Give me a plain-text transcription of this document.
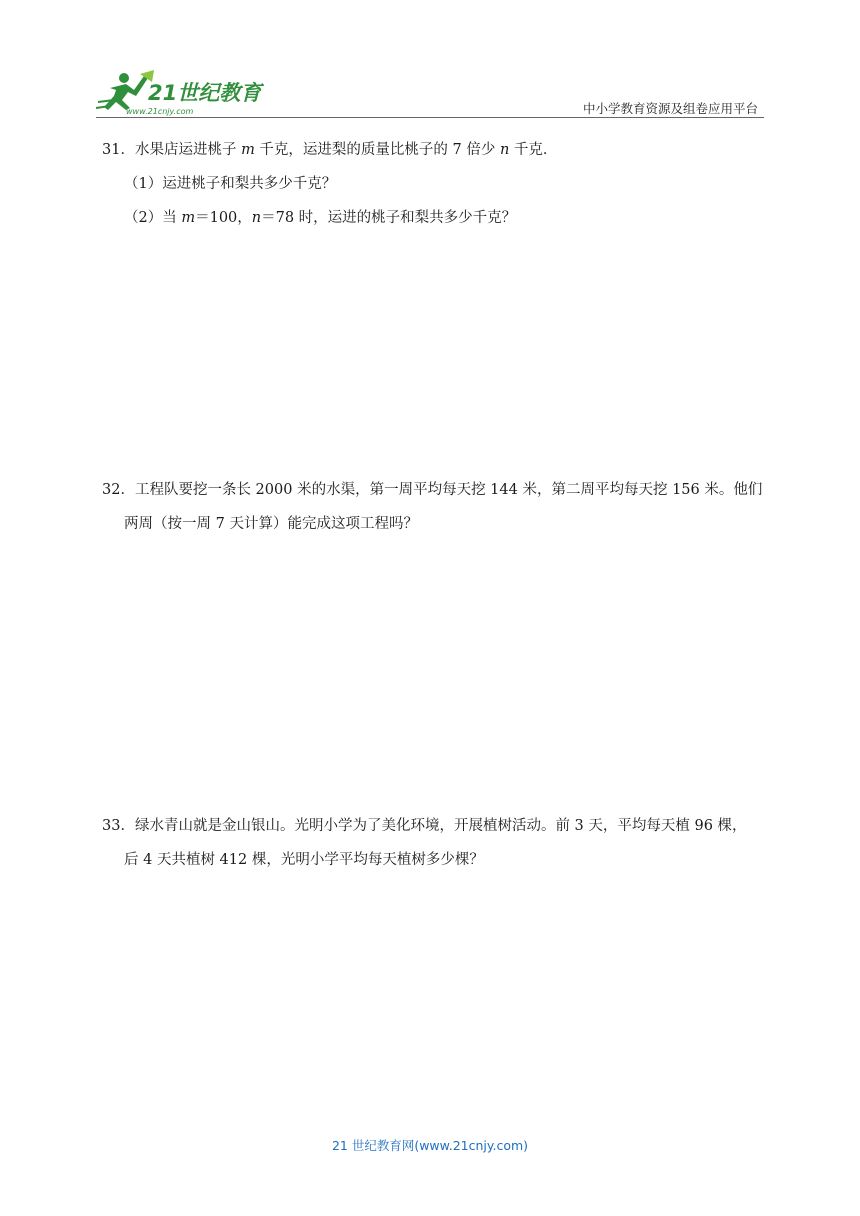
21世纪教育
www.21cnjy.com	中小学教育资源及组卷应用平台
31．水果店运进桃子 m 千克，运进梨的质量比桃子的 7 倍少 n 千克．
（1）运进桃子和梨共多少千克？
（2）当 m＝100，n＝78 时，运进的桃子和梨共多少千克？
32．工程队要挖一条长 2000 米的水渠，第一周平均每天挖 144 米，第二周平均每天挖 156 米。他们
两周（按一周 7 天计算）能完成这项工程吗？
33．绿水青山就是金山银山。光明小学为了美化环境，开展植树活动。前 3 天，平均每天植 96 棵，
后 4 天共植树 412 棵，光明小学平均每天植树多少棵？
21 世纪教育网(www.21cnjy.com)
